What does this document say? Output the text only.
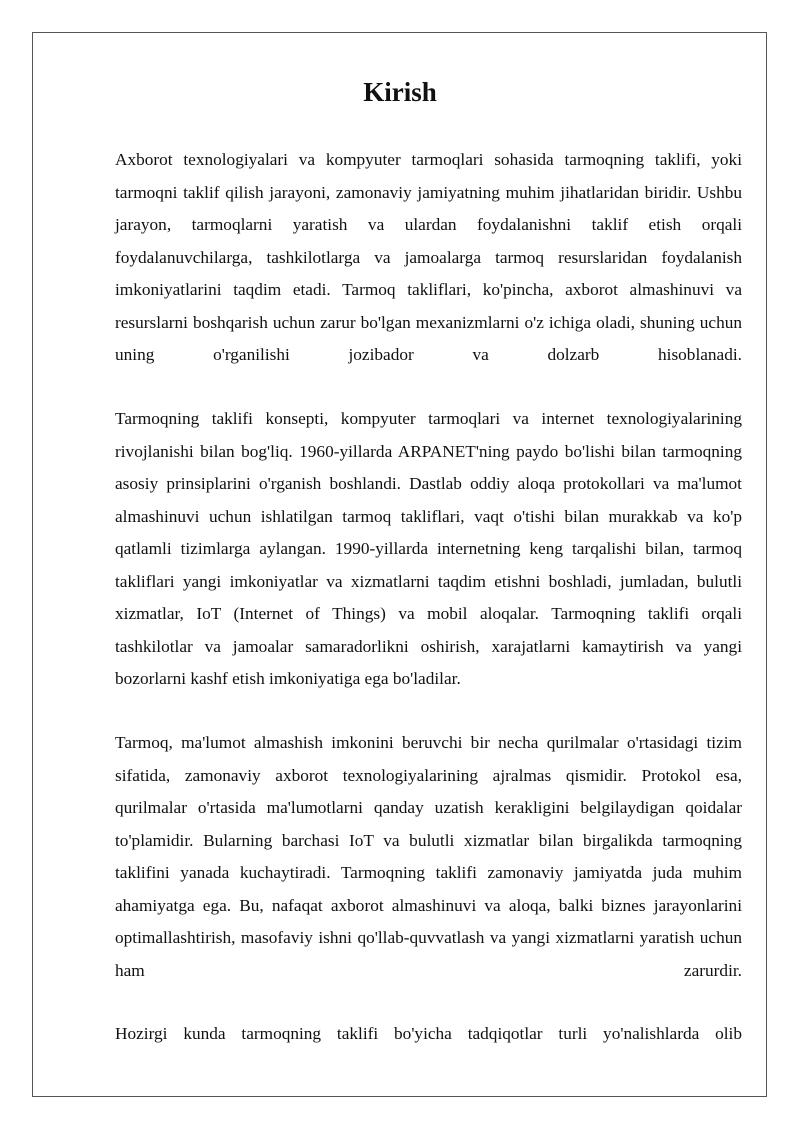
Kirish

Axborot texnologiyalari va kompyuter tarmoqlari sohasida tarmoqning taklifi, yoki tarmoqni taklif qilish jarayoni, zamonaviy jamiyatning muhim jihatlaridan biridir. Ushbu jarayon, tarmoqlarni yaratish va ulardan foydalanishni taklif etish orqali foydalanuvchilarga, tashkilotlarga va jamoalarga tarmoq resurslaridan foydalanish imkoniyatlarini taqdim etadi. Tarmoq takliflari, ko'pincha, axborot almashinuvi va resurslarni boshqarish uchun zarur bo'lgan mexanizmlarni o'z ichiga oladi, shuning uchun uning o'rganilishi jozibador va dolzarb hisoblanadi.

Tarmoqning taklifi konsepti, kompyuter tarmoqlari va internet texnologiyalarining rivojlanishi bilan bog'liq. 1960-yillarda ARPANET'ning paydo bo'lishi bilan tarmoqning asosiy prinsiplarini o'rganish boshlandi. Dastlab oddiy aloqa protokollari va ma'lumot almashinuvi uchun ishlatilgan tarmoq takliflari, vaqt o'tishi bilan murakkab va ko'p qatlamli tizimlarga aylangan. 1990-yillarda internetning keng tarqalishi bilan, tarmoq takliflari yangi imkoniyatlar va xizmatlarni taqdim etishni boshladi, jumladan, bulutli xizmatlar, IoT (Internet of Things) va mobil aloqalar. Tarmoqning taklifi orqali tashkilotlar va jamoalar samaradorlikni oshirish, xarajatlarni kamaytirish va yangi bozorlarni kashf etish imkoniyatiga ega bo'ladilar.

Tarmoq, ma'lumot almashish imkonini beruvchi bir necha qurilmalar o'rtasidagi tizim sifatida, zamonaviy axborot texnologiyalarining ajralmas qismidir. Protokol esa, qurilmalar o'rtasida ma'lumotlarni qanday uzatish kerakligini belgilaydigan qoidalar to'plamidir. Bularning barchasi IoT va bulutli xizmatlar bilan birgalikda tarmoqning taklifini yanada kuchaytiradi. Tarmoqning taklifi zamonaviy jamiyatda juda muhim ahamiyatga ega. Bu, nafaqat axborot almashinuvi va aloqa, balki biznes jarayonlarini optimallashtirish, masofaviy ishni qo'llab-quvvatlash va yangi xizmatlarni yaratish uchun ham zarurdir.

Hozirgi kunda tarmoqning taklifi bo'yicha tadqiqotlar turli yo'nalishlarda olib
